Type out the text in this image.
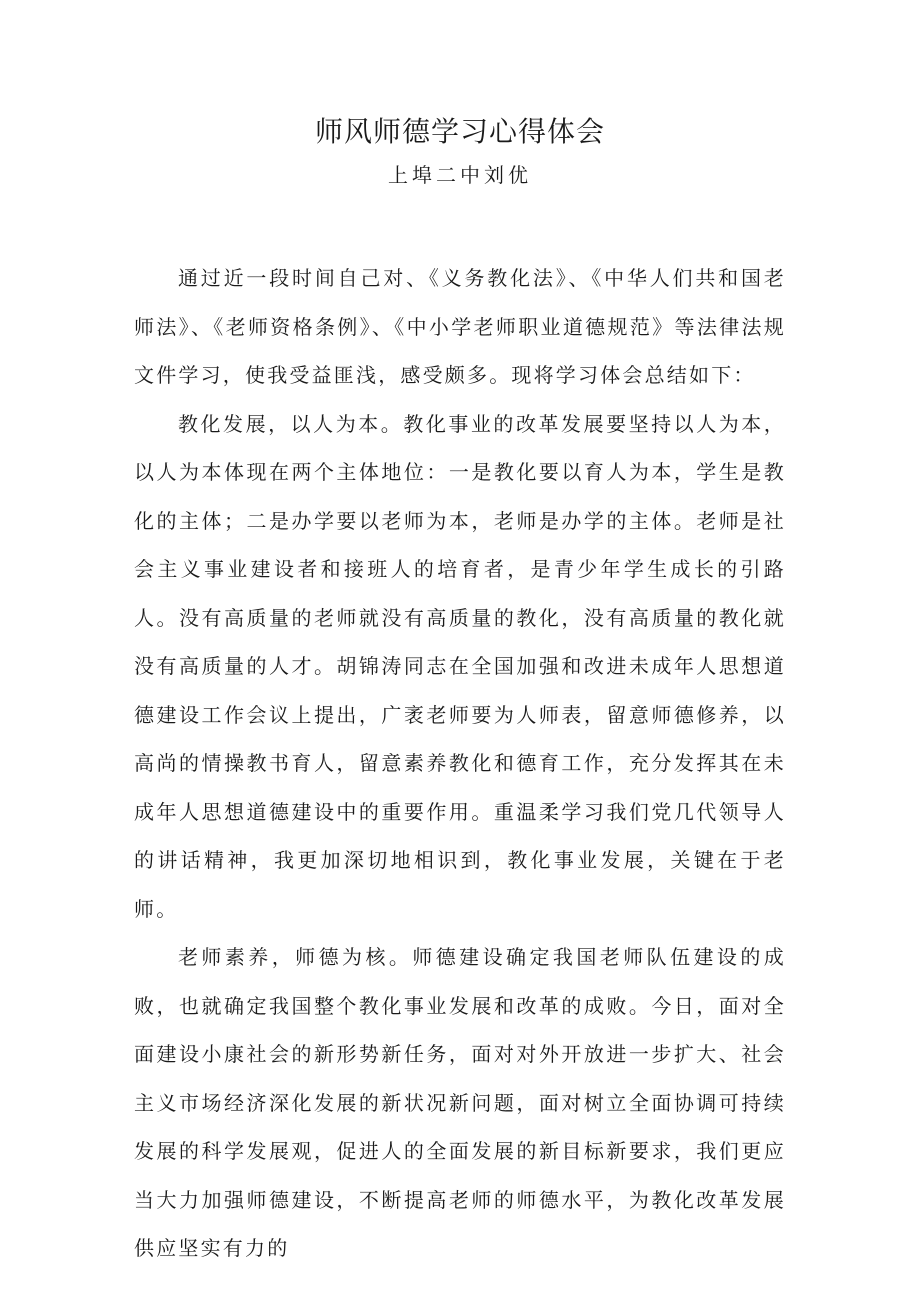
师风师德学习心得体会
上埠二中刘优

通过近一段时间自己对、《义务教化法》、《中华人们共和国老师法》、《老师资格条例》、《中小学老师职业道德规范》等法律法规文件学习，使我受益匪浅，感受颇多。现将学习体会总结如下：

教化发展，以人为本。教化事业的改革发展要坚持以人为本，以人为本体现在两个主体地位：一是教化要以育人为本，学生是教化的主体；二是办学要以老师为本，老师是办学的主体。老师是社会主义事业建设者和接班人的培育者，是青少年学生成长的引路人。没有高质量的老师就没有高质量的教化，没有高质量的教化就没有高质量的人才。胡锦涛同志在全国加强和改进未成年人思想道德建设工作会议上提出，广袤老师要为人师表，留意师德修养，以高尚的情操教书育人，留意素养教化和德育工作，充分发挥其在未成年人思想道德建设中的重要作用。重温柔学习我们党几代领导人的讲话精神，我更加深切地相识到，教化事业发展，关键在于老师。

老师素养，师德为核。师德建设确定我国老师队伍建设的成败，也就确定我国整个教化事业发展和改革的成败。今日，面对全面建设小康社会的新形势新任务，面对对外开放进一步扩大、社会主义市场经济深化发展的新状况新问题，面对树立全面协调可持续发展的科学发展观，促进人的全面发展的新目标新要求，我们更应当大力加强师德建设，不断提高老师的师德水平，为教化改革发展供应坚实有力的
